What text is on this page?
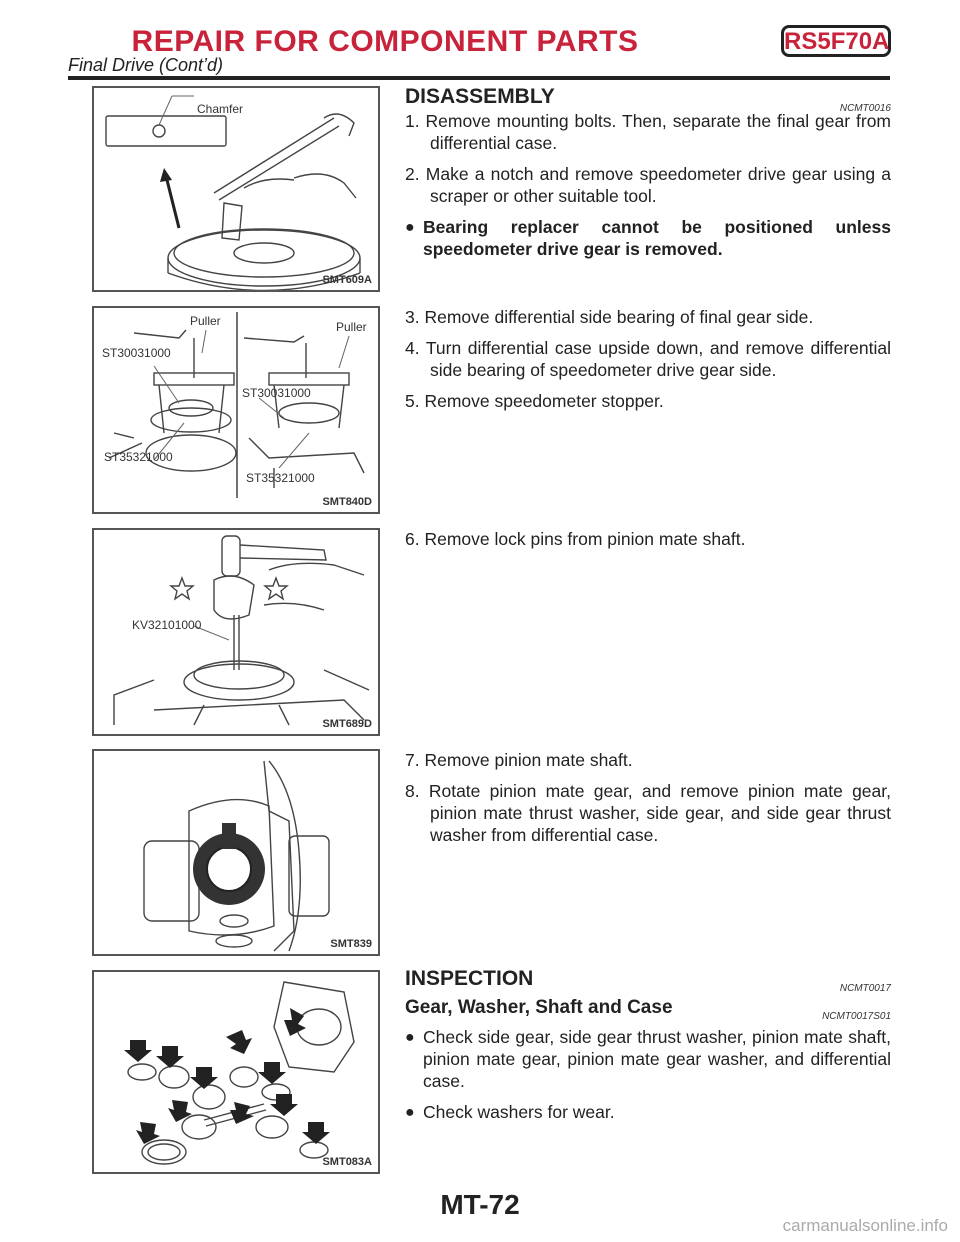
REPAIR FOR COMPONENT PARTS	RS5F70A
Final Drive (Cont’d)
Chamfer
SMT609A
Puller	Puller
ST30031000
ST30031000
ST35321000
ST35321000
SMT840D
KV32101000
SMT689D
SMT839
SMT083A
DISASSEMBLY
NCMT0016

1. Remove mounting bolts. Then, separate the final gear from differential case.

2. Make a notch and remove speedometer drive gear using a scraper or other suitable tool.

● Bearing replacer cannot be positioned unless speedometer drive gear is removed.

3. Remove differential side bearing of final gear side.

4. Turn differential case upside down, and remove differential side bearing of speedometer drive gear side.

5. Remove speedometer stopper.

6. Remove lock pins from pinion mate shaft.

7. Remove pinion mate shaft.

8. Rotate pinion mate gear, and remove pinion mate gear, pinion mate thrust washer, side gear, and side gear thrust washer from differential case.

INSPECTION	NCMT0017
Gear, Washer, Shaft and Case	NCMT0017S01
● Check side gear, side gear thrust washer, pinion mate shaft, pinion mate gear, pinion mate gear washer, and differential case.
● Check washers for wear.
MT-72
carmanualsonline.info
